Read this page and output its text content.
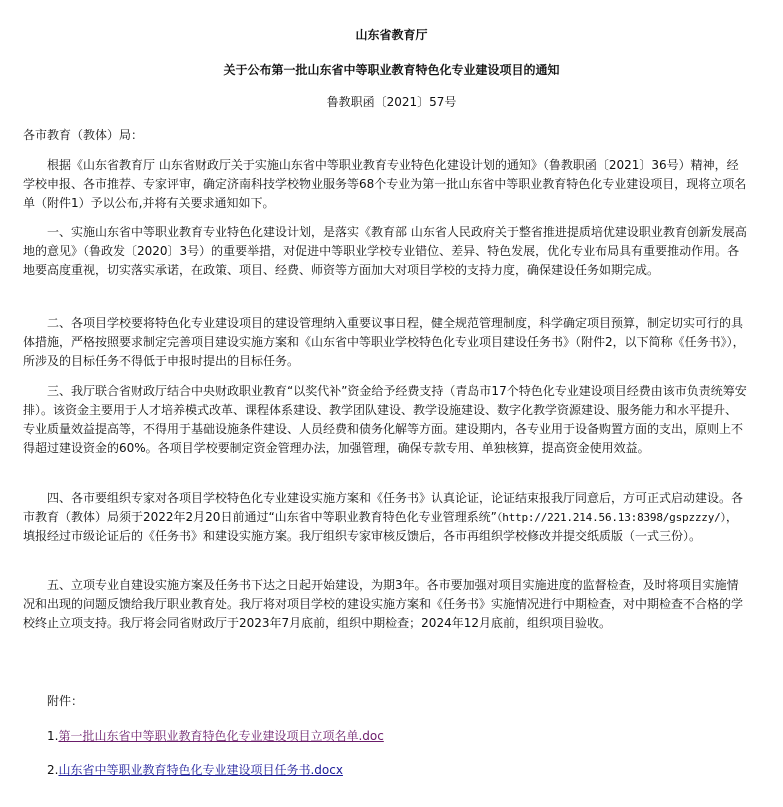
山东省教育厅
关于公布第一批山东省中等职业教育特色化专业建设项目的通知
鲁教职函〔2021〕57号
各市教育（教体）局：
根据《山东省教育厅 山东省财政厅关于实施山东省中等职业教育专业特色化建设计划的通知》（鲁教职函〔2021〕36号）精神，经学校申报、各市推荐、专家评审，确定济南科技学校物业服务等68个专业为第一批山东省中等职业教育特色化专业建设项目，现将立项名单（附件1）予以公布,并将有关要求通知如下。
一、实施山东省中等职业教育专业特色化建设计划，是落实《教育部 山东省人民政府关于整省推进提质培优建设职业教育创新发展高地的意见》（鲁政发〔2020〕3号）的重要举措，对促进中等职业学校专业错位、差异、特色发展，优化专业布局具有重要推动作用。各地要高度重视，切实落实承诺，在政策、项目、经费、师资等方面加大对项目学校的支持力度，确保建设任务如期完成。
二、各项目学校要将特色化专业建设项目的建设管理纳入重要议事日程，健全规范管理制度，科学确定项目预算，制定切实可行的具体措施，严格按照要求制定完善项目建设实施方案和《山东省中等职业学校特色化专业项目建设任务书》（附件2，以下简称《任务书》），所涉及的目标任务不得低于申报时提出的目标任务。
三、我厅联合省财政厅结合中央财政职业教育“以奖代补”资金给予经费支持（青岛市17个特色化专业建设项目经费由该市负责统筹安排）。该资金主要用于人才培养模式改革、课程体系建设、教学团队建设、教学设施建设、数字化教学资源建设、服务能力和水平提升、专业质量效益提高等，不得用于基础设施条件建设、人员经费和债务化解等方面。建设期内，各专业用于设备购置方面的支出，原则上不得超过建设资金的60%。各项目学校要制定资金管理办法，加强管理，确保专款专用、单独核算，提高资金使用效益。
四、各市要组织专家对各项目学校特色化专业建设实施方案和《任务书》认真论证，论证结束报我厅同意后，方可正式启动建设。各市教育（教体）局须于2022年2月20日前通过“山东省中等职业教育特色化专业管理系统”（http://221.214.56.13:8398/gspzzzy/），填报经过市级论证后的《任务书》和建设实施方案。我厅组织专家审核反馈后，各市再组织学校修改并提交纸质版（一式三份）。
五、立项专业自建设实施方案及任务书下达之日起开始建设，为期3年。各市要加强对项目实施进度的监督检查，及时将项目实施情况和出现的问题反馈给我厅职业教育处。我厅将对项目学校的建设实施方案和《任务书》实施情况进行中期检查，对中期检查不合格的学校终止立项支持。我厅将会同省财政厅于2023年7月底前，组织中期检查；2024年12月底前，组织项目验收。
附件：
1.第一批山东省中等职业教育特色化专业建设项目立项名单.doc
2.山东省中等职业教育特色化专业建设项目任务书.docx
